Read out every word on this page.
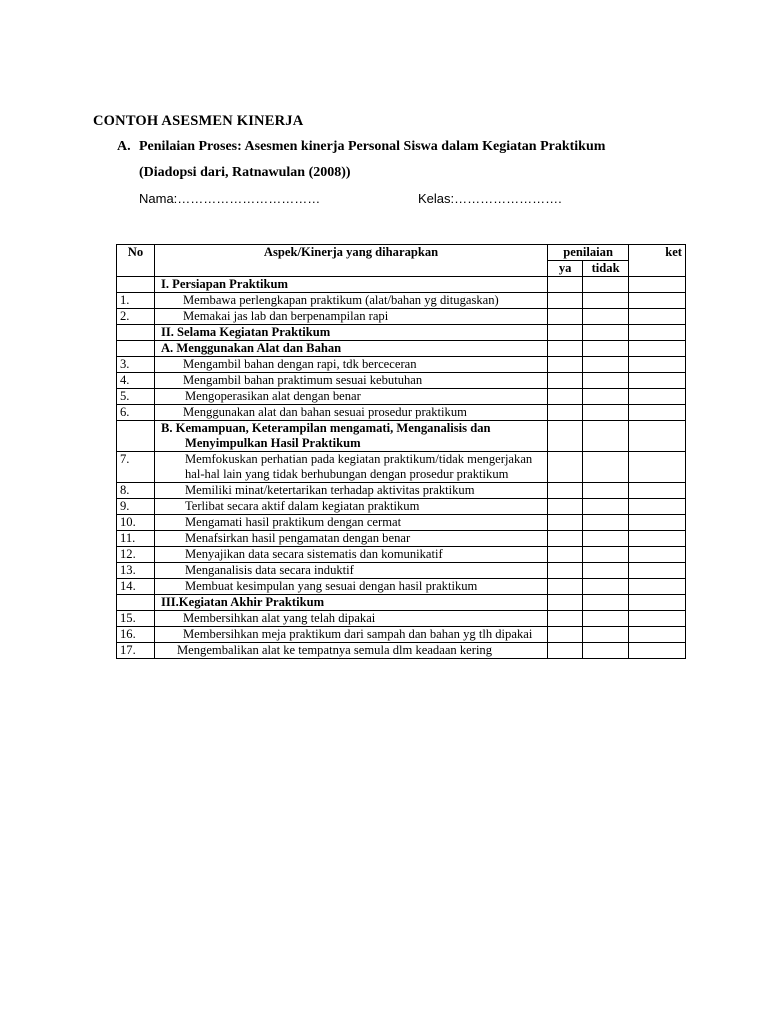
CONTOH ASESMEN KINERJA
A. Penilaian Proses: Asesmen kinerja Personal Siswa dalam Kegiatan Praktikum
(Diadopsi dari, Ratnawulan (2008))
Nama:……………………………	Kelas:…………………….
No	Aspek/Kinerja yang diharapkan	penilaian		ket
		ya	tidak	
	I. Persiapan Praktikum			
1.	Membawa perlengkapan praktikum (alat/bahan yg ditugaskan)			
2.	Memakai jas lab dan berpenampilan rapi			
	II. Selama Kegiatan Praktikum			
	A. Menggunakan Alat dan Bahan			
3.	Mengambil bahan dengan rapi, tdk berceceran			
4.	Mengambil bahan praktimum sesuai kebutuhan			
5.	Mengoperasikan alat dengan benar			
6.	Menggunakan alat dan bahan sesuai prosedur praktikum			
	B. Kemampuan, Keterampilan mengamati, Menganalisis dan Menyimpulkan Hasil Praktikum			
7.	Memfokuskan perhatian pada kegiatan praktikum/tidak mengerjakan hal-hal lain yang tidak berhubungan dengan prosedur praktikum			
8.	Memiliki minat/ketertarikan terhadap aktivitas praktikum			
9.	Terlibat secara aktif dalam kegiatan praktikum			
10.	Mengamati hasil praktikum dengan cermat			
11.	Menafsirkan hasil pengamatan dengan benar			
12.	Menyajikan data secara sistematis dan komunikatif			
13.	Menganalisis data secara induktif			
14.	Membuat kesimpulan yang sesuai dengan hasil praktikum			
	III.Kegiatan Akhir Praktikum			
15.	Membersihkan alat yang telah dipakai			
16.	Membersihkan meja praktikum dari sampah dan bahan yg tlh dipakai			
17.	Mengembalikan alat ke tempatnya semula dlm keadaan kering			
